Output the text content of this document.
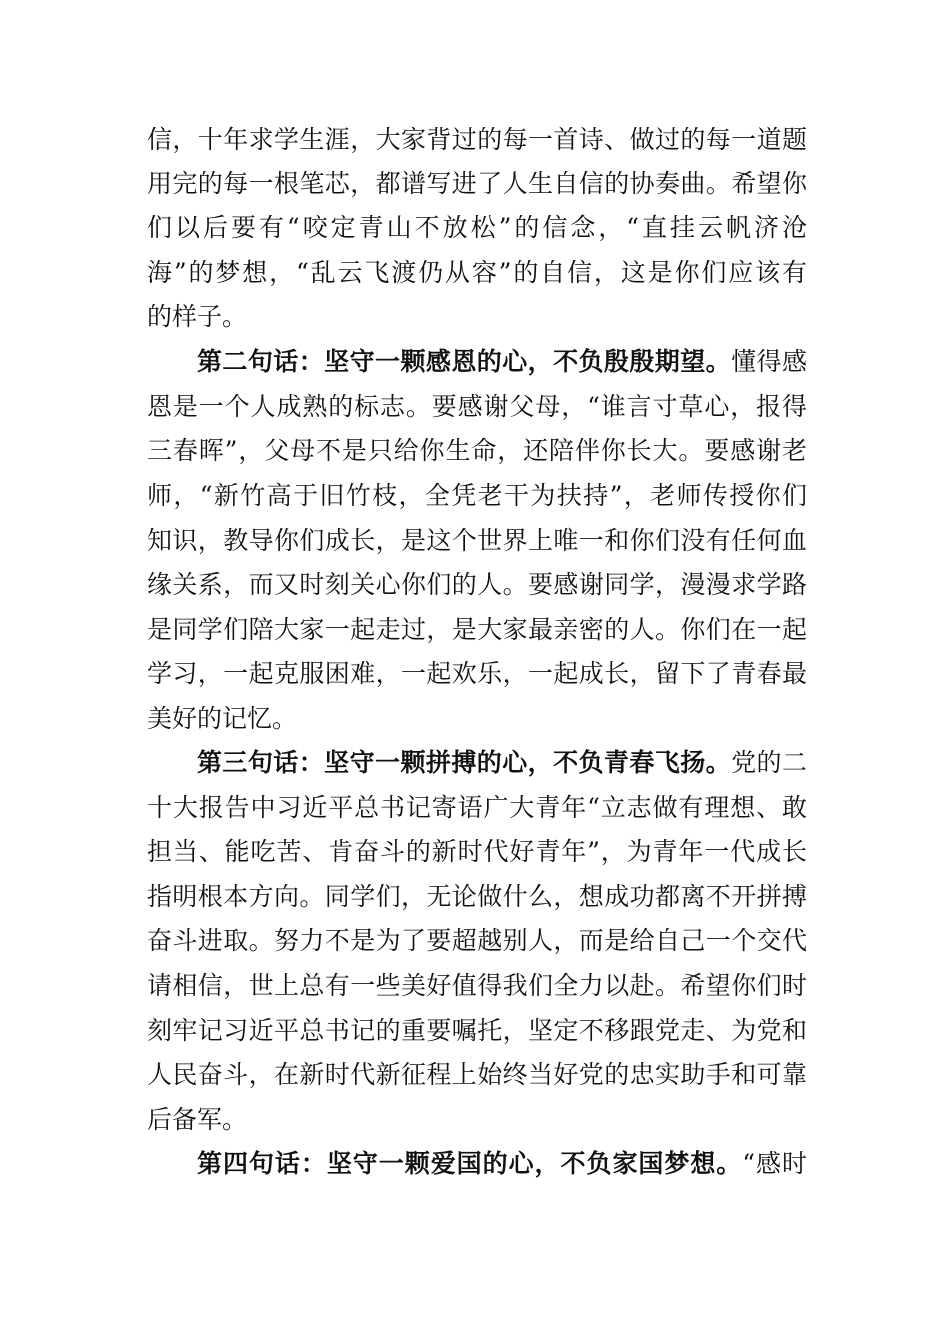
信，十年求学生涯，大家背过的每一首诗、做过的每一道题
用完的每一根笔芯，都谱写进了人生自信的协奏曲。希望你
们以后要有“咬定青山不放松”的信念，“直挂云帆济沧
海”的梦想，“乱云飞渡仍从容”的自信，这是你们应该有
的样子。
第二句话：坚守一颗感恩的心，不负殷殷期望。懂得感
恩是一个人成熟的标志。要感谢父母，“谁言寸草心，报得
三春晖”，父母不是只给你生命，还陪伴你长大。要感谢老
师，“新竹高于旧竹枝，全凭老干为扶持”，老师传授你们
知识，教导你们成长，是这个世界上唯一和你们没有任何血
缘关系，而又时刻关心你们的人。要感谢同学，漫漫求学路
是同学们陪大家一起走过，是大家最亲密的人。你们在一起
学习，一起克服困难，一起欢乐，一起成长，留下了青春最
美好的记忆。
第三句话：坚守一颗拼搏的心，不负青春飞扬。党的二
十大报告中习近平总书记寄语广大青年“立志做有理想、敢
担当、能吃苦、肯奋斗的新时代好青年”，为青年一代成长
指明根本方向。同学们，无论做什么，想成功都离不开拼搏
奋斗进取。努力不是为了要超越别人，而是给自己一个交代
请相信，世上总有一些美好值得我们全力以赴。希望你们时
刻牢记习近平总书记的重要嘱托，坚定不移跟党走、为党和
人民奋斗，在新时代新征程上始终当好党的忠实助手和可靠
后备军。
第四句话：坚守一颗爱国的心，不负家国梦想。“感时
